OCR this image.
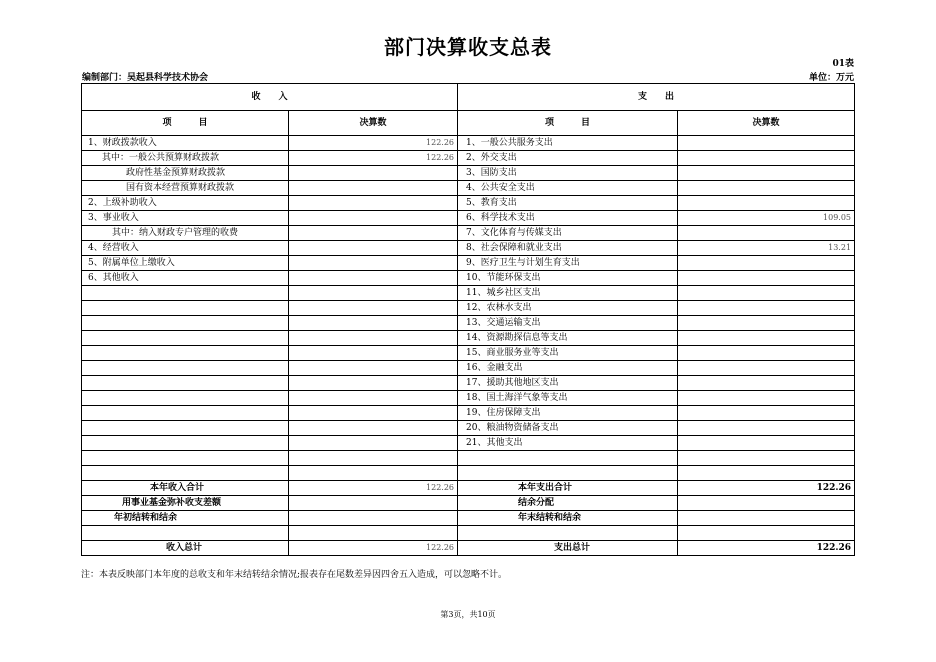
部门决算收支总表
01表
编制部门：吴起县科学技术协会	单位：万元
收　　入		支　　出	
项　　　目	决算数	项　　　目	决算数
1、财政拨款收入	122.26	1、一般公共服务支出	
其中：一般公共预算财政拨款	122.26	2、外交支出	
政府性基金预算财政拨款		3、国防支出	
国有资本经营预算财政拨款		4、公共安全支出	
2、上级补助收入		5、教育支出	
3、事业收入		6、科学技术支出	109.05
其中：纳入财政专户管理的收费		7、文化体育与传媒支出	
4、经营收入		8、社会保障和就业支出	13.21
5、附属单位上缴收入		9、医疗卫生与计划生育支出	
6、其他收入		10、节能环保支出	
		11、城乡社区支出	
		12、农林水支出	
		13、交通运输支出	
		14、资源勘探信息等支出	
		15、商业服务业等支出	
		16、金融支出	
		17、援助其他地区支出	
		18、国土海洋气象等支出	
		19、住房保障支出	
		20、粮油物资储备支出	
		21、其他支出	

本年收入合计	122.26	本年支出合计	122.26
用事业基金弥补收支差额		结余分配	
年初结转和结余		年末结转和结余	

收入总计	122.26	支出总计	122.26
注：本表反映部门本年度的总收支和年末结转结余情况;报表存在尾数差异因四舍五入造成，可以忽略不计。
第3页，共10页
